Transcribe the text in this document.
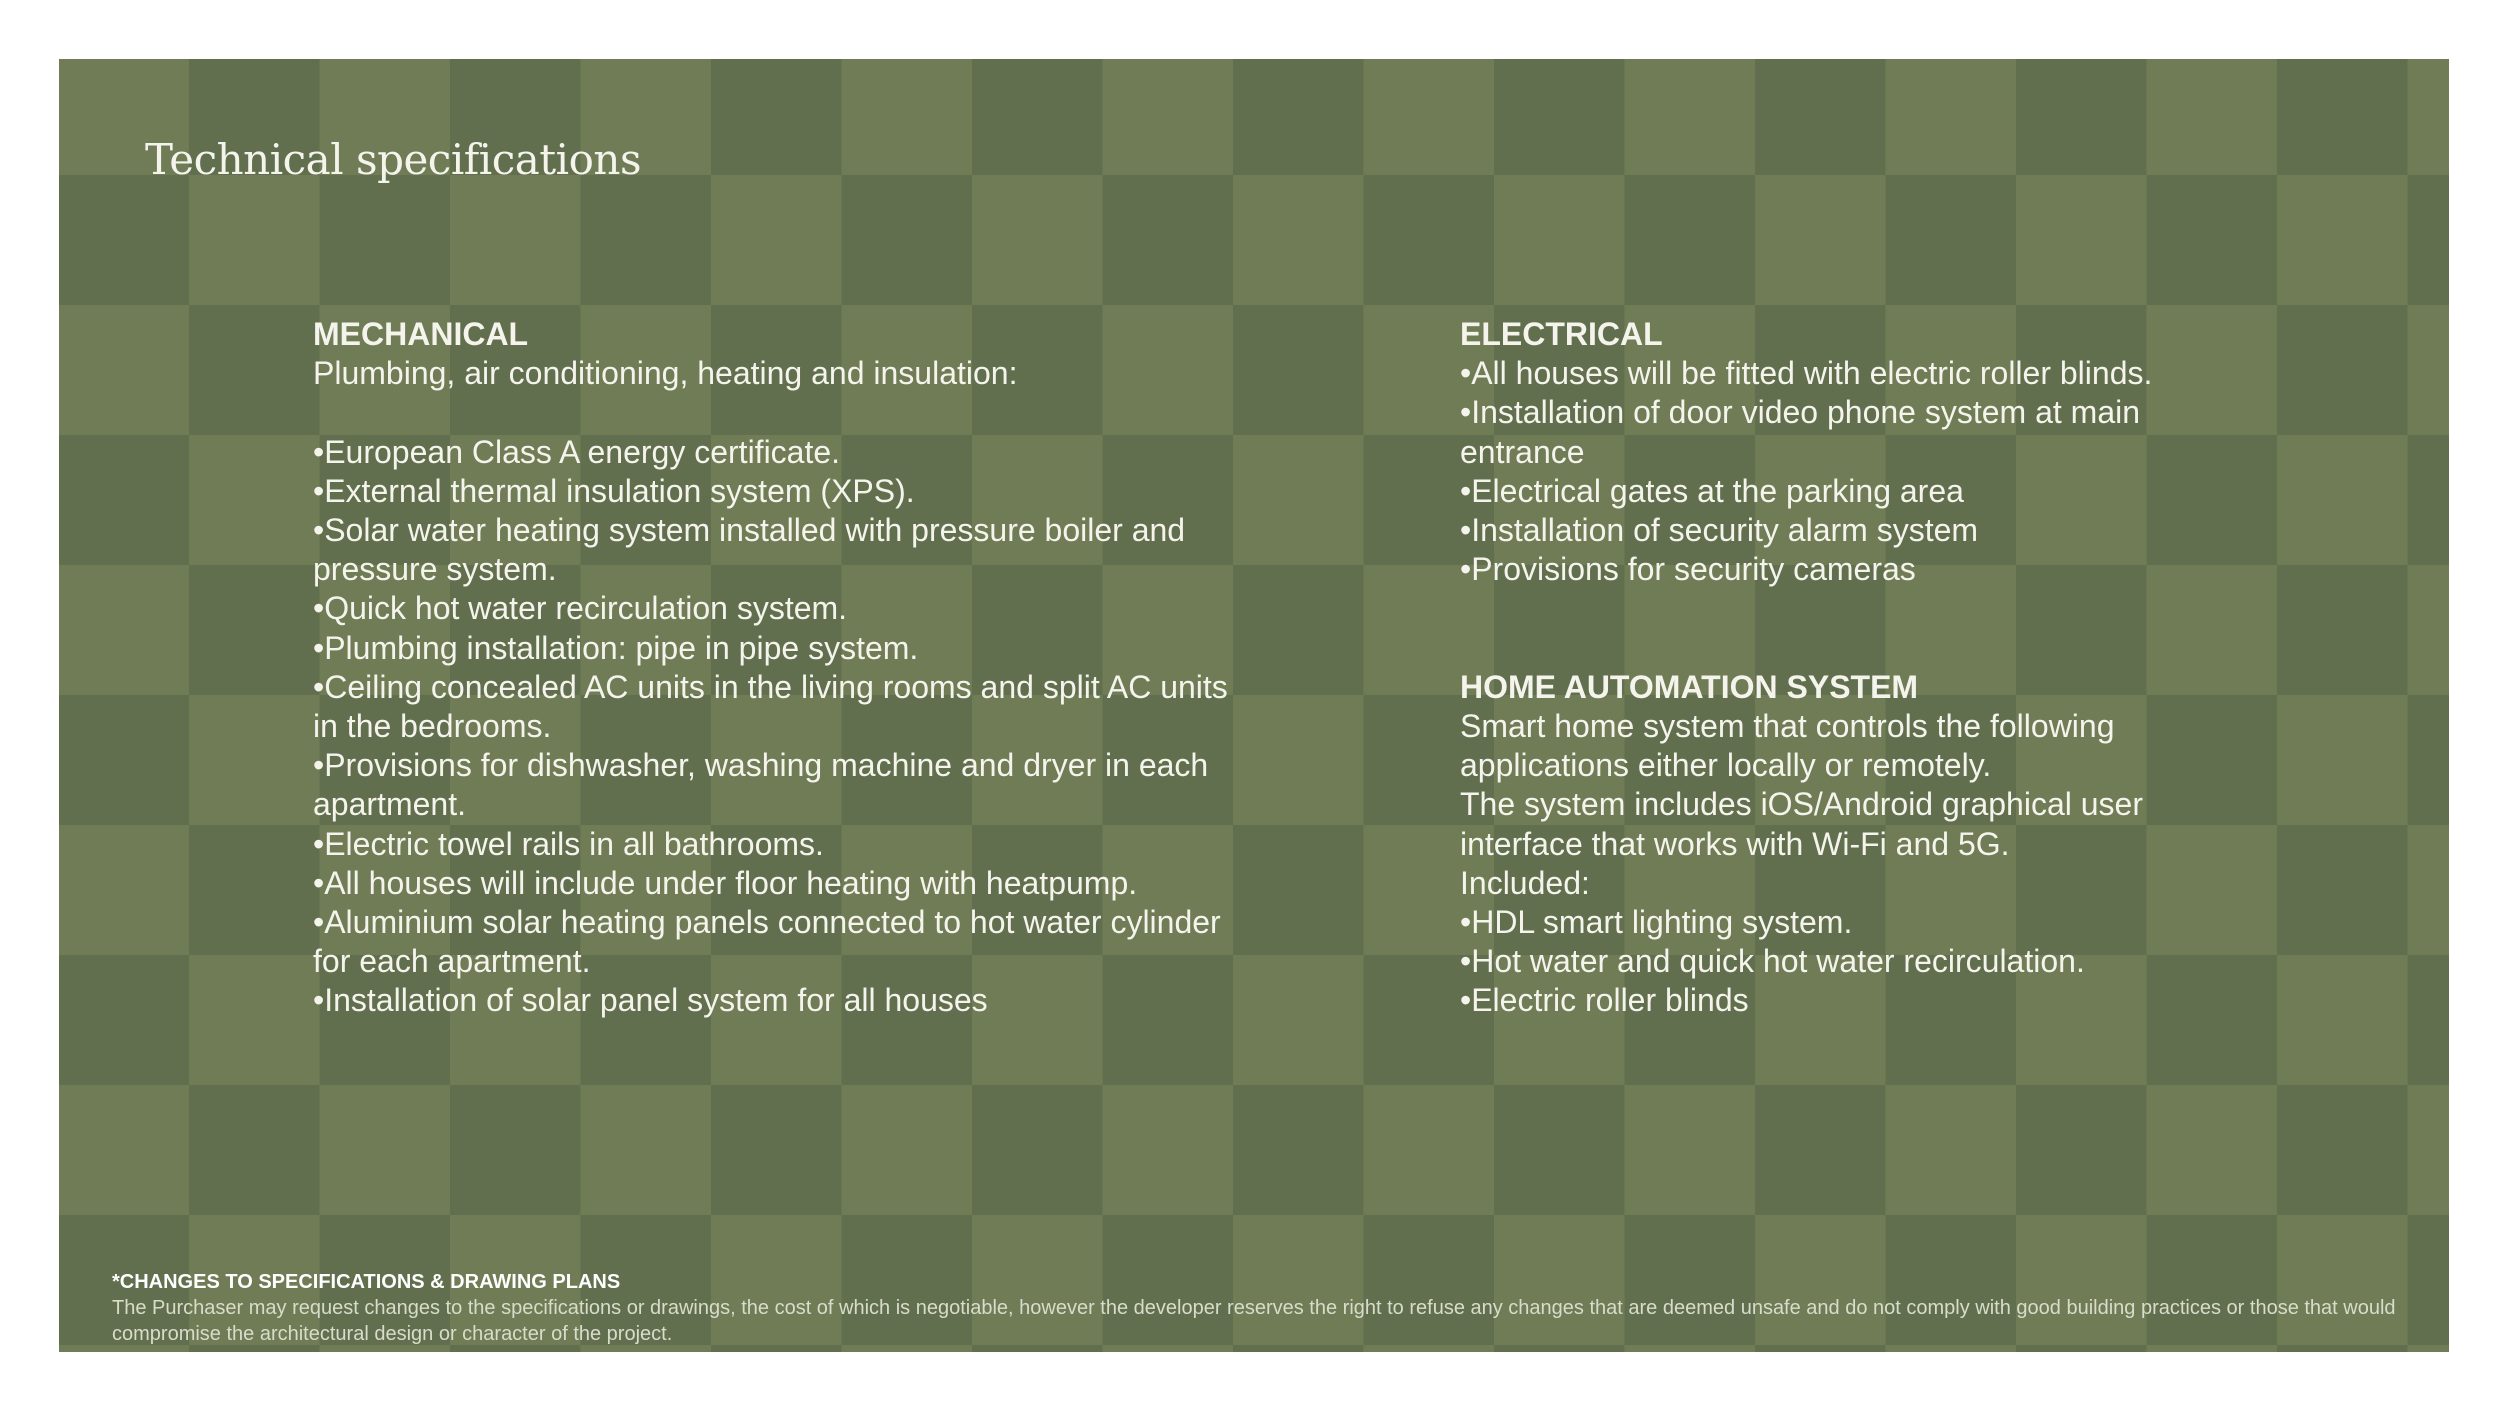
Technical specifications
MECHANICAL
Plumbing, air conditioning, heating and insulation:
•European Class A energy certificate.
•External thermal insulation system (XPS).
•Solar water heating system installed with pressure boiler and pressure system.
•Quick hot water recirculation system.
•Plumbing installation: pipe in pipe system.
•Ceiling concealed AC units in the living rooms and split AC units in the bedrooms.
•Provisions for dishwasher, washing machine and dryer in each apartment.
•Electric towel rails in all bathrooms.
•All houses will include under floor heating with heatpump.
•Aluminium solar heating panels connected to hot water cylinder for each apartment.
•Installation of solar panel system for all houses
ELECTRICAL
•All houses will be fitted with electric roller blinds.
•Installation of door video phone system at main entrance
•Electrical gates at the parking area
•Installation of security alarm system
•Provisions for security cameras
HOME AUTOMATION SYSTEM
Smart home system that controls the following applications either locally or remotely.
The system includes iOS/Android graphical user interface that works with Wi-Fi and 5G.
Included:
•HDL smart lighting system.
•Hot water and quick hot water recirculation.
•Electric roller blinds
*CHANGES TO SPECIFICATIONS & DRAWING PLANS
The Purchaser may request changes to the specifications or drawings, the cost of which is negotiable, however the developer reserves the right to refuse any changes that are deemed unsafe and do not comply with good building practices or those that would compromise the architectural design or character of the project.
